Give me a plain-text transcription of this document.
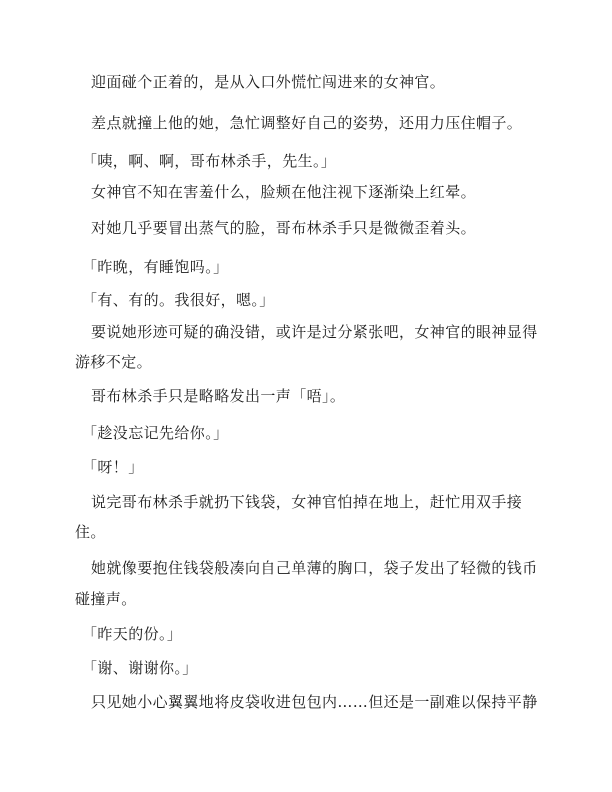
迎面碰个正着的，是从入口外慌忙闯进来的女神官。

差点就撞上他的她，急忙调整好自己的姿势，还用力压住帽子。

「咦，啊、啊，哥布林杀手，先生。」

女神官不知在害羞什么，脸颊在他注视下逐渐染上红晕。

对她几乎要冒出蒸气的脸，哥布林杀手只是微微歪着头。

「昨晚，有睡饱吗。」

「有、有的。我很好，嗯。」

要说她形迹可疑的确没错，或许是过分紧张吧，女神官的眼神显得

游移不定。

哥布林杀手只是略略发出一声「唔」。

「趁没忘记先给你。」

「呀！」

说完哥布林杀手就扔下钱袋，女神官怕掉在地上，赶忙用双手接

住。

她就像要抱住钱袋般凑向自己单薄的胸口，袋子发出了轻微的钱币

碰撞声。

「昨天的份。」

「谢、谢谢你。」

只见她小心翼翼地将皮袋收进包包内……但还是一副难以保持平静
